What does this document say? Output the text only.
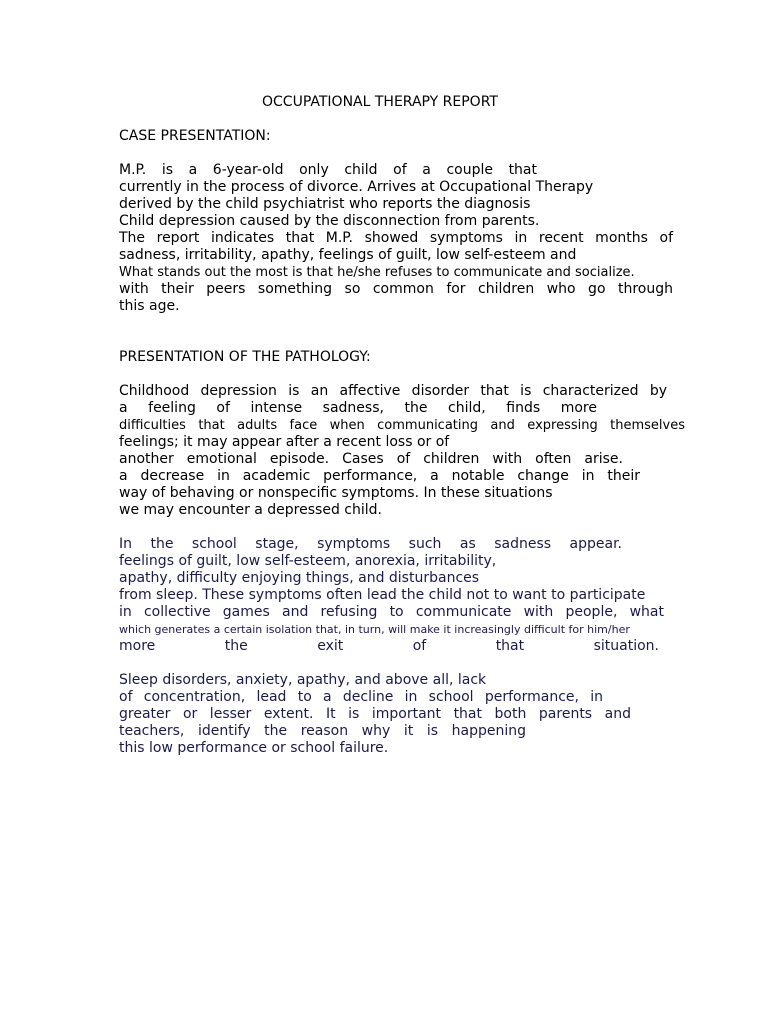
OCCUPATIONAL THERAPY REPORT
CASE PRESENTATION:
M.P. is a 6-year-old only child of a couple that
currently in the process of divorce. Arrives at Occupational Therapy
derived by the child psychiatrist who reports the diagnosis
Child depression caused by the disconnection from parents.
The report indicates that M.P. showed symptoms in recent months of
sadness, irritability, apathy, feelings of guilt, low self-esteem and
What stands out the most is that he/she refuses to communicate and socialize.
with their peers something so common for children who go through
this age.
PRESENTATION OF THE PATHOLOGY:
Childhood depression is an affective disorder that is characterized by
a feeling of intense sadness, the child, finds more
difficulties that adults face when communicating and expressing themselves
feelings; it may appear after a recent loss or of
another emotional episode. Cases of children with often arise.
a decrease in academic performance, a notable change in their
way of behaving or nonspecific symptoms. In these situations
we may encounter a depressed child.
In the school stage, symptoms such as sadness appear.
feelings of guilt, low self-esteem, anorexia, irritability,
apathy, difficulty enjoying things, and disturbances
from sleep. These symptoms often lead the child not to want to participate
in collective games and refusing to communicate with people, what
which generates a certain isolation that, in turn, will make it increasingly difficult for him/her
more the exit of that situation.
Sleep disorders, anxiety, apathy, and above all, lack
of concentration, lead to a decline in school performance, in
greater or lesser extent. It is important that both parents and
teachers, identify the reason why it is happening
this low performance or school failure.
